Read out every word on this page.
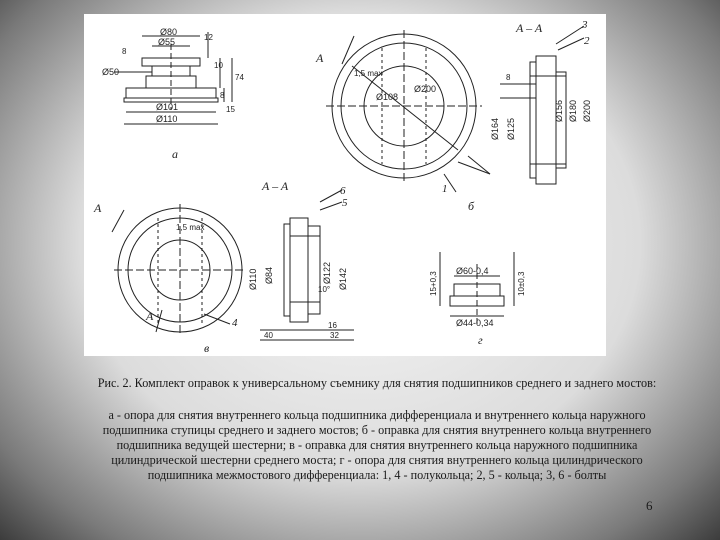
Ø80
Ø55
Ø50
Ø101
Ø110
8
12
10
74
8
15
а
A
1,5 max
Ø108
Ø200
1
б
A – A	3
2
8
Ø164 Ø125
Ø156 Ø180 Ø200
A
1,5 max
A	4
в
A – A	6
5
Ø110 Ø84	Ø122 Ø142
10°
16
40	32
Ø60-0,4
Ø44-0,34
15+0,3	10±0,3
г
Рис. 2. Комплект оправок к универсальному съемнику для снятия подшипников среднего и заднего мостов:
а - опора для снятия внутреннего кольца подшипника дифференциала и внутреннего кольца наружного подшипника ступицы среднего и заднего мостов; б - оправка для снятия внутреннего кольца внутреннего подшипника ведущей шестерни; в - оправка для снятия внутреннего кольца наружного подшипника цилиндрической шестерни среднего моста; г - опора для снятия внутреннего кольца цилиндрического подшипника межмостового дифференциала: 1, 4 - полукольца; 2, 5 - кольца; 3, 6 - болты
6
